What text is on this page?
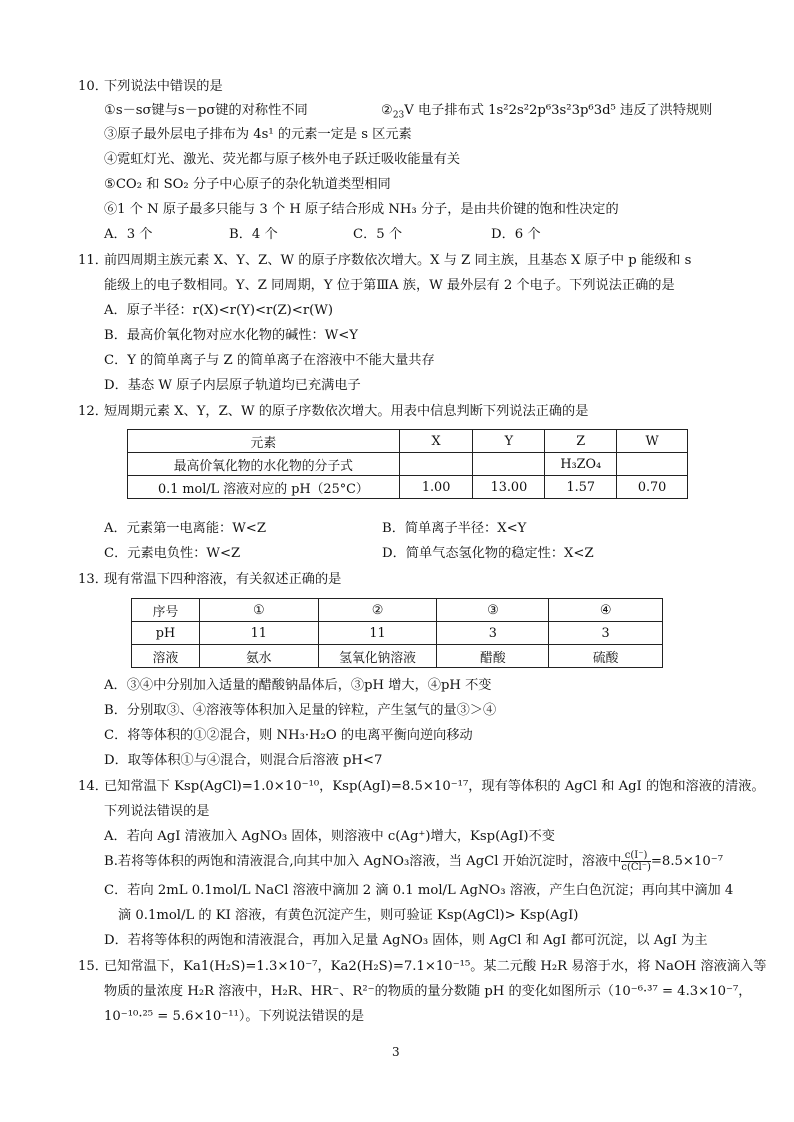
10．下列说法中错误的是
①s－sσ键与s－pσ键的对称性不同	$②_{23}V$ 电子排布式 1s²2s²2p⁶3s²3p⁶3d⁵ 违反了洪特规则
③原子最外层电子排布为 4s¹ 的元素一定是 s 区元素
④霓虹灯光、激光、荧光都与原子核外电子跃迁吸收能量有关
⑤CO₂ 和 SO₂ 分子中心原子的杂化轨道类型相同
⑥1 个 N 原子最多只能与 3 个 H 原子结合形成 NH₃ 分子，是由共价键的饱和性决定的
A．3 个	B．4 个	C．5 个	D．6 个
11．前四周期主族元素 X、Y、Z、W 的原子序数依次增大。X 与 Z 同主族，且基态 X 原子中 p 能级和 s
能级上的电子数相同。Y、Z 同周期，Y 位于第ⅢA 族，W 最外层有 2 个电子。下列说法正确的是
A．原子半径：r(X)<r(Y)<r(Z)<r(W)
B．最高价氧化物对应水化物的碱性：W<Y
C．Y 的简单离子与 Z 的简单离子在溶液中不能大量共存
D．基态 W 原子内层原子轨道均已充满电子
12．短周期元素 X、Y，Z、W 的原子序数依次增大。用表中信息判断下列说法正确的是
元素	X	Y	Z	W
最高价氧化物的水化物的分子式			H₃ZO₄	
0.1 mol/L 溶液对应的 pH（25°C）	1.00	13.00	1.57	0.70
A．元素第一电离能：W<Z	B．简单离子半径：X<Y
C．元素电负性：W<Z	D．简单气态氢化物的稳定性：X<Z
13．现有常温下四种溶液，有关叙述正确的是
序号	①	②	③	④
pH	11	11	3	3
溶液	氨水	氢氧化钠溶液	醋酸	硫酸
A．③④中分别加入适量的醋酸钠晶体后，③pH 增大，④pH 不变
B．分别取③、④溶液等体积加入足量的锌粒，产生氢气的量③＞④
C．将等体积的①②混合，则 NH₃·H₂O 的电离平衡向逆向移动
D．取等体积①与④混合，则混合后溶液 pH<7
14．已知常温下 Ksp(AgCl)=1.0×10⁻¹⁰，Ksp(AgI)=8.5×10⁻¹⁷，现有等体积的 AgCl 和 AgI 的饱和溶液的清液。
下列说法错误的是
A．若向 AgI 清液加入 AgNO₃ 固体，则溶液中 c(Ag⁺)增大，Ksp(AgI)不变
B.若将等体积的两饱和清液混合,向其中加入 AgNO₃溶液，当 AgCl 开始沉淀时，溶液中 $\frac{c(I^-)}{c(Cl^-)} =8.5\times 10^{-7}$
C．若向 2mL 0.1mol/L NaCl 溶液中滴加 2 滴 0.1 mol/L AgNO₃ 溶液，产生白色沉淀；再向其中滴加 4
滴 0.1mol/L 的 KI 溶液，有黄色沉淀产生，则可验证 Ksp(AgCl)> Ksp(AgI)
D．若将等体积的两饱和清液混合，再加入足量 AgNO₃ 固体，则 AgCl 和 AgI 都可沉淀，以 AgI 为主
15．已知常温下，Ka1(H₂S)=1.3×10⁻⁷，Ka2(H₂S)=7.1×10⁻¹⁵。某二元酸 H₂R 易溶于水，将 NaOH 溶液滴入等
物质的量浓度 H₂R 溶液中，H₂R、HR⁻、R²⁻的物质的量分数随 pH 的变化如图所示（10⁻⁶·³⁷ = 4.3×10⁻⁷，
10⁻¹⁰·²⁵ = 5.6×10⁻¹¹）。下列说法错误的是
3
